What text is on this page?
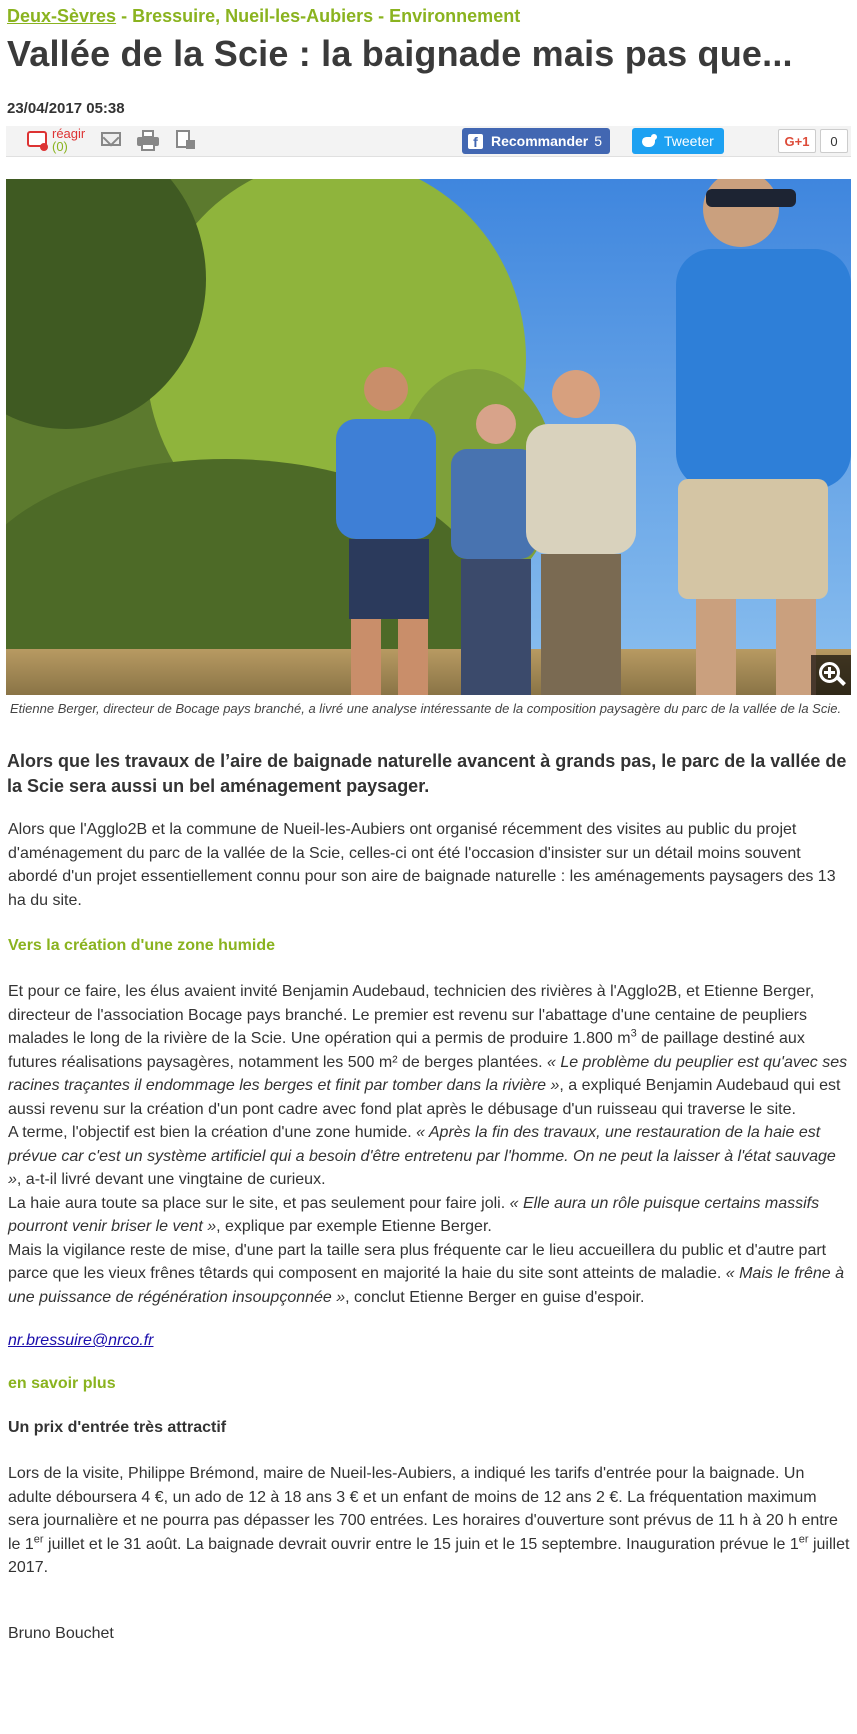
Deux-Sèvres - Bressuire, Nueil-les-Aubiers - Environnement
Vallée de la Scie : la baignade mais pas que...
23/04/2017 05:38
réagir
(0)	f Recommander 5	Tweeter	G+1	0
Etienne Berger, directeur de Bocage pays branché, a livré une analyse intéressante de la composition paysagère du parc de la vallée de la Scie.
Alors que les travaux de l’aire de baignade naturelle avancent à grands pas, le parc de la vallée de la Scie sera aussi un bel aménagement paysager.
Alors que l'Agglo2B et la commune de Nueil-les-Aubiers ont organisé récemment des visites au public du projet d'aménagement du parc de la vallée de la Scie, celles-ci ont été l'occasion d'insister sur un détail moins souvent abordé d'un projet essentiellement connu pour son aire de baignade naturelle : les aménagements paysagers des 13 ha du site.
Vers la création d'une zone humide
Et pour ce faire, les élus avaient invité Benjamin Audebaud, technicien des rivières à l'Agglo2B, et Etienne Berger, directeur de l'association Bocage pays branché. Le premier est revenu sur l'abattage d'une centaine de peupliers malades le long de la rivière de la Scie. Une opération qui a permis de produire 1.800 $m^3$ de paillage destiné aux futures réalisations paysagères, notamment les 500 m² de berges plantées. « Le problème du peuplier est qu'avec ses racines traçantes il endommage les berges et finit par tomber dans la rivière », a expliqué Benjamin Audebaud qui est aussi revenu sur la création d'un pont cadre avec fond plat après le débusage d'un ruisseau qui traverse le site.
A terme, l'objectif est bien la création d'une zone humide. « Après la fin des travaux, une restauration de la haie est prévue car c'est un système artificiel qui a besoin d'être entretenu par l'homme. On ne peut la laisser à l'état sauvage », a-t-il livré devant une vingtaine de curieux.
La haie aura toute sa place sur le site, et pas seulement pour faire joli. « Elle aura un rôle puisque certains massifs pourront venir briser le vent », explique par exemple Etienne Berger.
Mais la vigilance reste de mise, d'une part la taille sera plus fréquente car le lieu accueillera du public et d'autre part parce que les vieux frênes têtards qui composent en majorité la haie du site sont atteints de maladie. « Mais le frêne à une puissance de régénération insoupçonnée », conclut Etienne Berger en guise d'espoir.
nr.bressuire@nrco.fr
en savoir plus
Un prix d'entrée très attractif
Lors de la visite, Philippe Brémond, maire de Nueil-les-Aubiers, a indiqué les tarifs d'entrée pour la baignade. Un adulte déboursera 4 €, un ado de 12 à 18 ans 3 € et un enfant de moins de 12 ans 2 €. La fréquentation maximum sera journalière et ne pourra pas dépasser les 700 entrées. Les horaires d'ouverture sont prévus de 11 h à 20 h entre le 1er juillet et le 31 août. La baignade devrait ouvrir entre le 15 juin et le 15 septembre. Inauguration prévue le 1er juillet 2017.
Bruno Bouchet
